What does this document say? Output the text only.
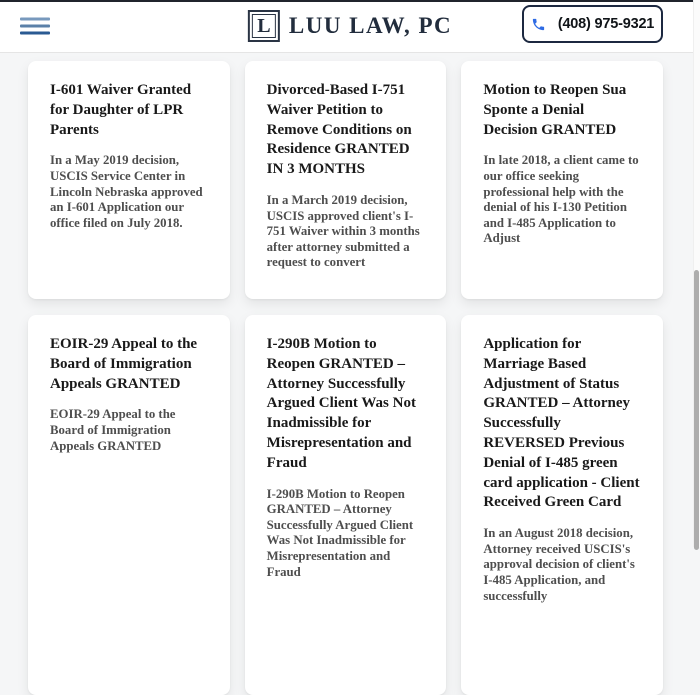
L LUU LAW, PC	(408) 975-9321
I-601 Waiver Granted for Daughter of LPR Parents

In a May 2019 decision, USCIS Service Center in Lincoln Nebraska approved an I-601 Application our office filed on July 2018.

Divorced-Based I-751 Waiver Petition to Remove Conditions on Residence GRANTED IN 3 MONTHS

In a March 2019 decision, USCIS approved client's I-751 Waiver within 3 months after attorney submitted a request to convert

Motion to Reopen Sua Sponte a Denial Decision GRANTED

In late 2018, a client came to our office seeking professional help with the denial of his I-130 Petition and I-485 Application to Adjust

EOIR-29 Appeal to the Board of Immigration Appeals GRANTED

EOIR-29 Appeal to the Board of Immigration Appeals GRANTED

I-290B Motion to Reopen GRANTED – Attorney Successfully Argued Client Was Not Inadmissible for Misrepresentation and Fraud

I-290B Motion to Reopen GRANTED – Attorney Successfully Argued Client Was Not Inadmissible for Misrepresentation and Fraud

Application for Marriage Based Adjustment of Status GRANTED – Attorney Successfully REVERSED Previous Denial of I-485 green card application - Client Received Green Card

In an August 2018 decision, Attorney received USCIS's approval decision of client's I-485 Application, and successfully
